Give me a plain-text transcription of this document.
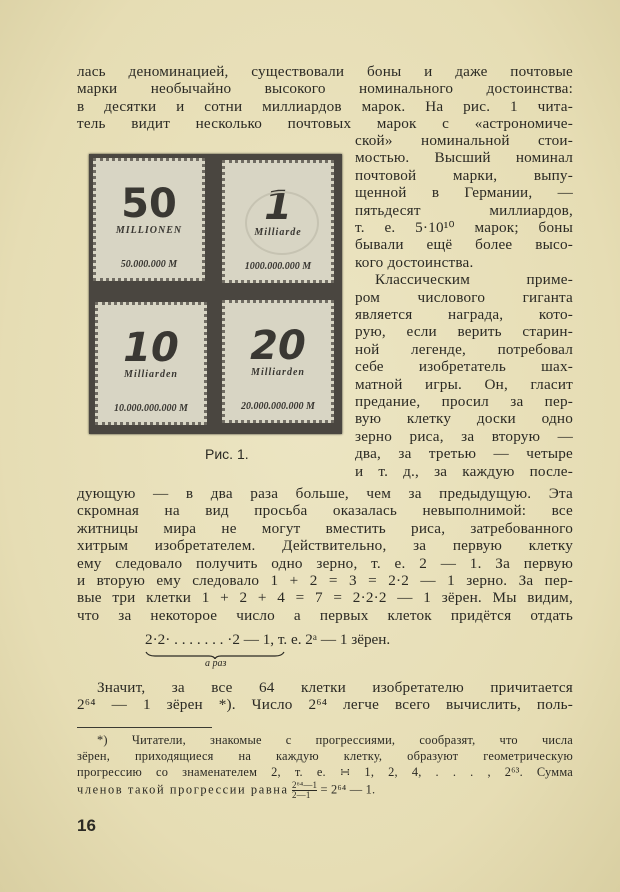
50
MILLIONEN
50.000.000 M
1
Milliarde
1000.000.000 M
10
Milliarden
10.000.000.000 M
20
Milliarden
20.000.000.000 M
Рис. 1.
лась деноминацией, существовали боны и даже почтовые
марки необычайно высокого номинального достоинства:
в десятки и сотни миллиардов марок. На рис. 1 чита-
тель видит несколько почтовых марок с «астрономиче-
ской» номинальной стои-
мостью. Высший номинал
почтовой марки, выпу-
щенной в Германии, —
пятьдесят миллиардов,
т. е. 5·10¹⁰ марок; боны
бывали ещё более высо-
кого достоинства.
Классическим приме-
ром числового гиганта
является награда, кото-
рую, если верить старин-
ной легенде, потребовал
себе изобретатель шах-
матной игры. Он, гласит
предание, просил за пер-
вую клетку доски одно
зерно риса, за вторую —
два, за третью — четыре
и т. д., за каждую после-
дующую — в два раза больше, чем за предыдущую. Эта
скромная на вид просьба оказалась невыполнимой: все
житницы мира не могут вместить риса, затребованного
хитрым изобретателем. Действительно, за первую клетку
ему следовало получить одно зерно, т. е. 2 — 1. За первую
и вторую ему следовало 1 + 2 = 3 = 2·2 — 1 зерно. За пер-
вые три клетки 1 + 2 + 4 = 7 = 2·2·2 — 1 зёрен. Мы видим,
что за некоторое число a первых клеток придётся отдать
Значит, за все 64 клетки изобретателю причитается
2⁶⁴ — 1 зёрен *). Число 2⁶⁴ легче всего вычислить, поль-
*) Читатели, знакомые с прогрессиями, сообразят, что числа
зёрен, приходящиеся на каждую клетку, образуют геометрическую
прогрессию со знаменателем 2, т. е. ∺ 1, 2, 4, . . . , 2⁶³. Сумма
2·2· . . . . . . . ·2 — 1, т. е. 2ᵃ — 1 зёрен.
a раз
членов такой прогрессии равна $\frac{\text{2⁶⁴—1}}{2—1} = 2^{64}$ — 1.
16
